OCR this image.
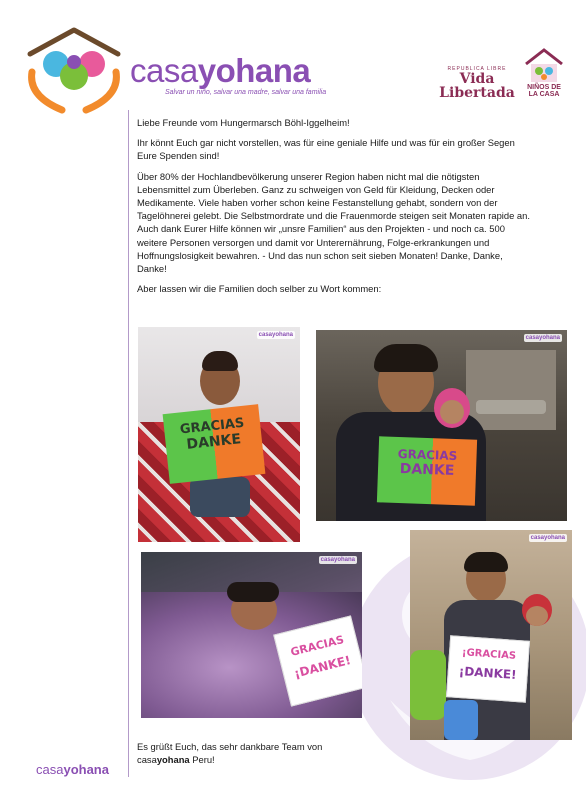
casayohana
Salvar un niño, salvar una madre, salvar una familia
REPUBLICA LIBRE
Vida Libertada	NIÑOS DE LA CASA

Liebe Freunde vom Hungermarsch Böhl-Iggelheim!

Ihr könnt Euch gar nicht vorstellen, was für eine geniale Hilfe und was für ein großer Segen Eure Spenden sind!

Über 80% der Hochlandbevölkerung unserer Region haben nicht mal die nötigsten Lebensmittel zum Überleben. Ganz zu schweigen von Geld für Kleidung, Decken oder Medikamente. Viele haben vorher schon keine Festanstellung gehabt, sondern von der Tagelöhnerei gelebt. Die Selbstmordrate und die Frauenmorde steigen seit Monaten rapide an. Auch dank Eurer Hilfe können wir „unsre Familien“ aus den Projekten - und noch ca. 500 weitere Personen versorgen und damit vor Unterernährung, Folge-erkrankungen und Hoffnungslosigkeit bewahren. - Und das nun schon seit sieben Monaten! Danke, Danke, Danke!

Aber lassen wir die Familien doch selber zu Wort kommen:

GRACIAS
DANKE
casayohana
GRACIAS
DANKE
casayohana
GRACIAS
¡DANKE!
casayohana
¡GRACIAS
¡DANKE!
casayohana
Es grüßt Euch, das sehr dankbare Team von
casayohana Peru!
casayohana
